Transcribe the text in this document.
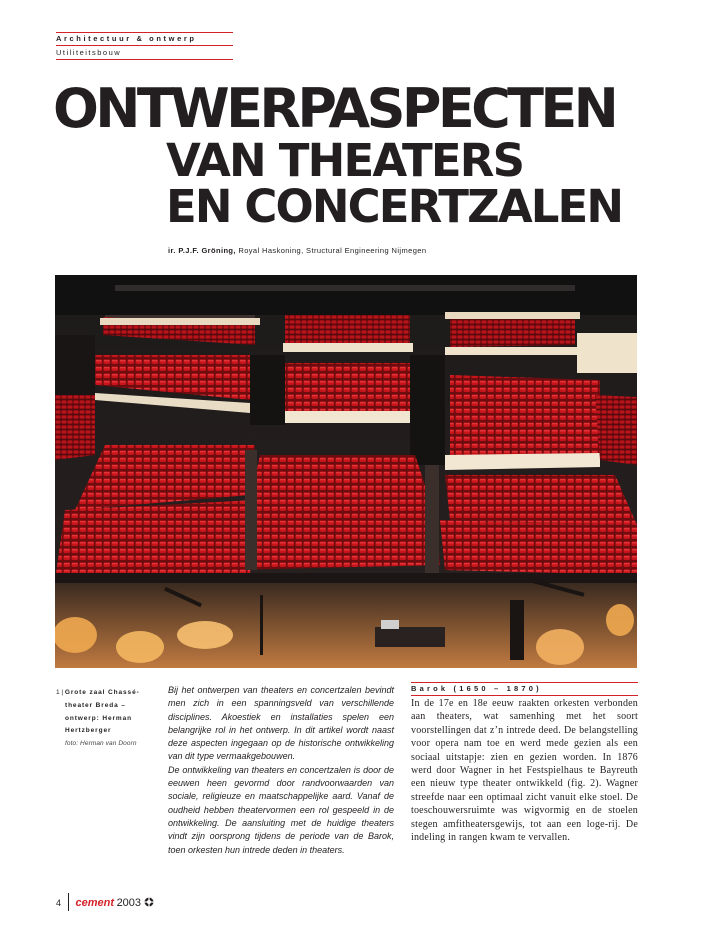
Architectuur & ontwerp
Utiliteitsbouw
ONTWERPASPECTEN
VAN THEATERS
EN CONCERTZALEN
ir. P.J.F. Gröning, Royal Haskoning, Structural Engineering Nijmegen
1 | Grote zaal Chassé-
theater Breda –
ontwerp: Herman
Hertzberger
foto: Herman van Doorn

Bij het ontwerpen van theaters en concertzalen bevindt men zich in een spanningsveld van verschillende disciplines. Akoestiek en installaties spelen een belangrijke rol in het ontwerp. In dit artikel wordt naast deze aspecten ingegaan op de historische ontwikkeling van dit type vermaakgebouwen.

De ontwikkeling van theaters en concertzalen is door de eeuwen heen gevormd door randvoorwaarden van sociale, religieuze en maatschappelijke aard. Vanaf de oudheid hebben theatervormen een rol gespeeld in de ontwikkeling. De aansluiting met de huidige theaters vindt zijn oorsprong tijdens de periode van de Barok, toen orkesten hun intrede deden in theaters.

Barok (1650 – 1870)

In de 17e en 18e eeuw raakten orkesten verbonden aan theaters, wat samenhing met het soort voorstellingen dat z’n intrede deed. De belangstelling voor opera nam toe en werd mede gezien als een sociaal uitstapje: zien en gezien worden. In 1876 werd door Wagner in het Festspielhaus te Bayreuth een nieuw type theater ontwikkeld (fig. 2). Wagner streefde naar een optimaal zicht vanuit elke stoel. De toeschouwersruimte was wigvormig en de stoelen stegen amfitheatersgewijs, tot aan een loge-rij. De indeling in rangen kwam te vervallen.

4 cement 2003
